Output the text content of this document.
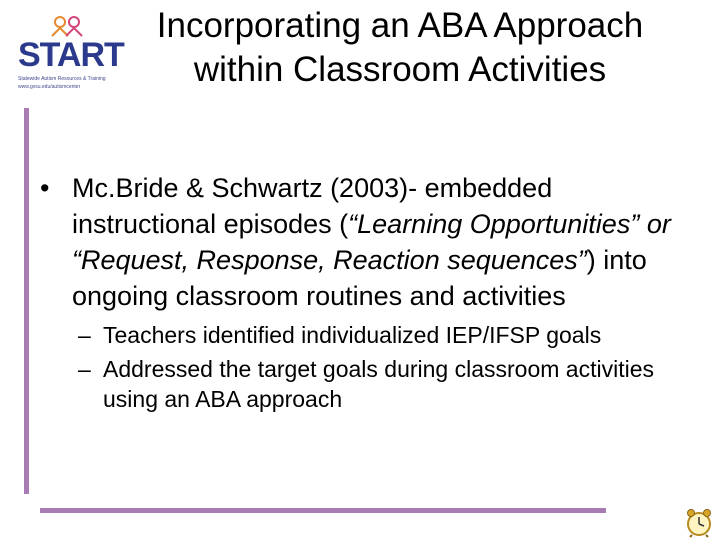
START
Statewide Autism Resources & Training
www.gvsu.edu/autismcenter
Incorporating an ABA Approach within Classroom Activities
• Mc.Bride & Schwartz (2003)- embedded instructional episodes (“Learning Opportunities” or “Request, Response, Reaction sequences”) into ongoing classroom routines and activities
– Teachers identified individualized IEP/IFSP goals
– Addressed the target goals during classroom activities using an ABA approach
